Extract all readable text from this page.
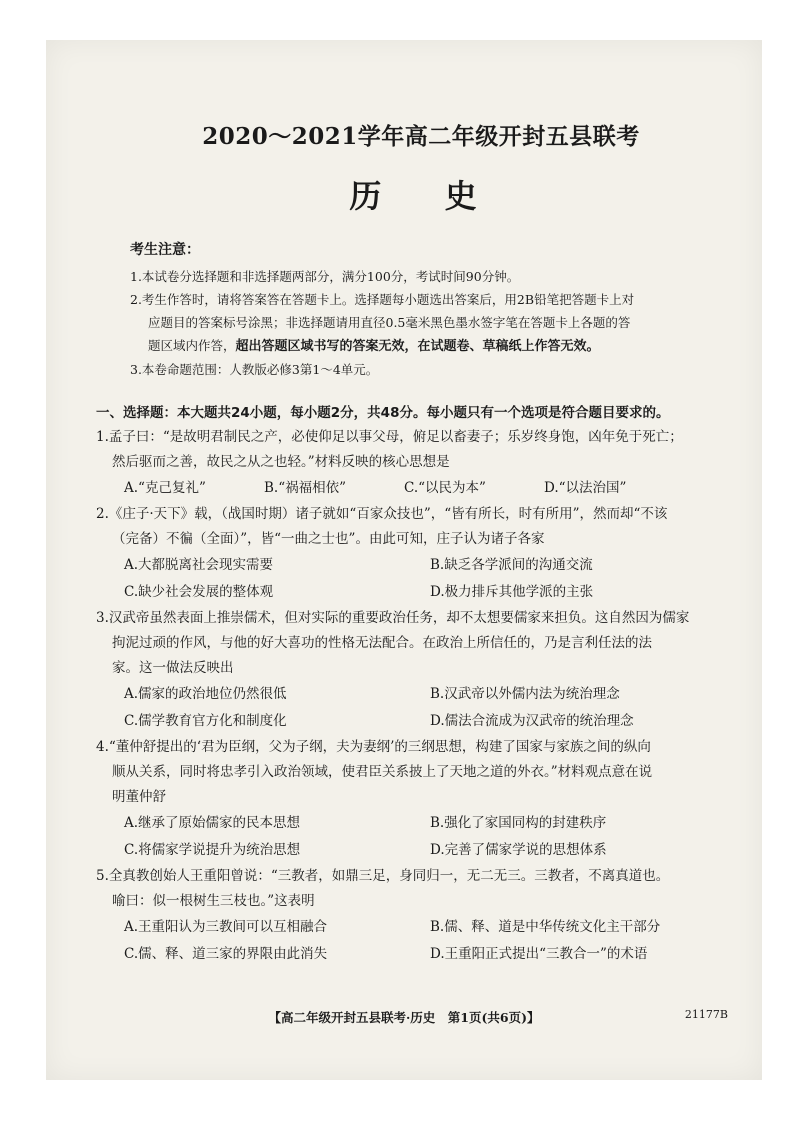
2020～2021学年高二年级开封五县联考
历 史
考生注意：

1.本试卷分选择题和非选择题两部分，满分100分，考试时间90分钟。

2.考生作答时，请将答案答在答题卡上。选择题每小题选出答案后，用2B铅笔把答题卡上对

应题目的答案标号涂黑；非选择题请用直径0.5毫米黑色墨水签字笔在答题卡上各题的答

题区域内作答，超出答题区域书写的答案无效，在试题卷、草稿纸上作答无效。

3.本卷命题范围：人教版必修3第1～4单元。

一、选择题：本大题共24小题，每小题2分，共48分。每小题只有一个选项是符合题目要求的。

1.孟子曰：“是故明君制民之产，必使仰足以事父母，俯足以畜妻子；乐岁终身饱，凶年免于死亡；

然后驱而之善，故民之从之也轻。”材料反映的核心思想是

A.“克己复礼”	B.“祸福相依”	C.“以民为本”	D.“以法治国”

2.《庄子·天下》载，（战国时期）诸子就如“百家众技也”，“皆有所长，时有所用”，然而却“不该

（完备）不徧（全面）”，皆“一曲之士也”。由此可知，庄子认为诸子各家

A.大都脱离社会现实需要	B.缺乏各学派间的沟通交流
C.缺少社会发展的整体观	D.极力排斥其他学派的主张

3.汉武帝虽然表面上推崇儒术，但对实际的重要政治任务，却不太想要儒家来担负。这自然因为儒家

拘泥过顽的作风，与他的好大喜功的性格无法配合。在政治上所信任的，乃是言利任法的法

家。这一做法反映出

A.儒家的政治地位仍然很低	B.汉武帝以外儒内法为统治理念
C.儒学教育官方化和制度化	D.儒法合流成为汉武帝的统治理念

4.“董仲舒提出的‘君为臣纲，父为子纲，夫为妻纲’的三纲思想，构建了国家与家族之间的纵向

顺从关系，同时将忠孝引入政治领域，使君臣关系披上了天地之道的外衣。”材料观点意在说

明董仲舒

A.继承了原始儒家的民本思想	B.强化了家国同构的封建秩序
C.将儒家学说提升为统治思想	D.完善了儒家学说的思想体系

5.全真教创始人王重阳曾说：“三教者，如鼎三足，身同归一，无二无三。三教者，不离真道也。

喻曰：似一根树生三枝也。”这表明

A.王重阳认为三教间可以互相融合	B.儒、释、道是中华传统文化主干部分
C.儒、释、道三家的界限由此消失	D.王重阳正式提出“三教合一”的术语
【高二年级开封五县联考·历史　第1页(共6页)】	21177B
